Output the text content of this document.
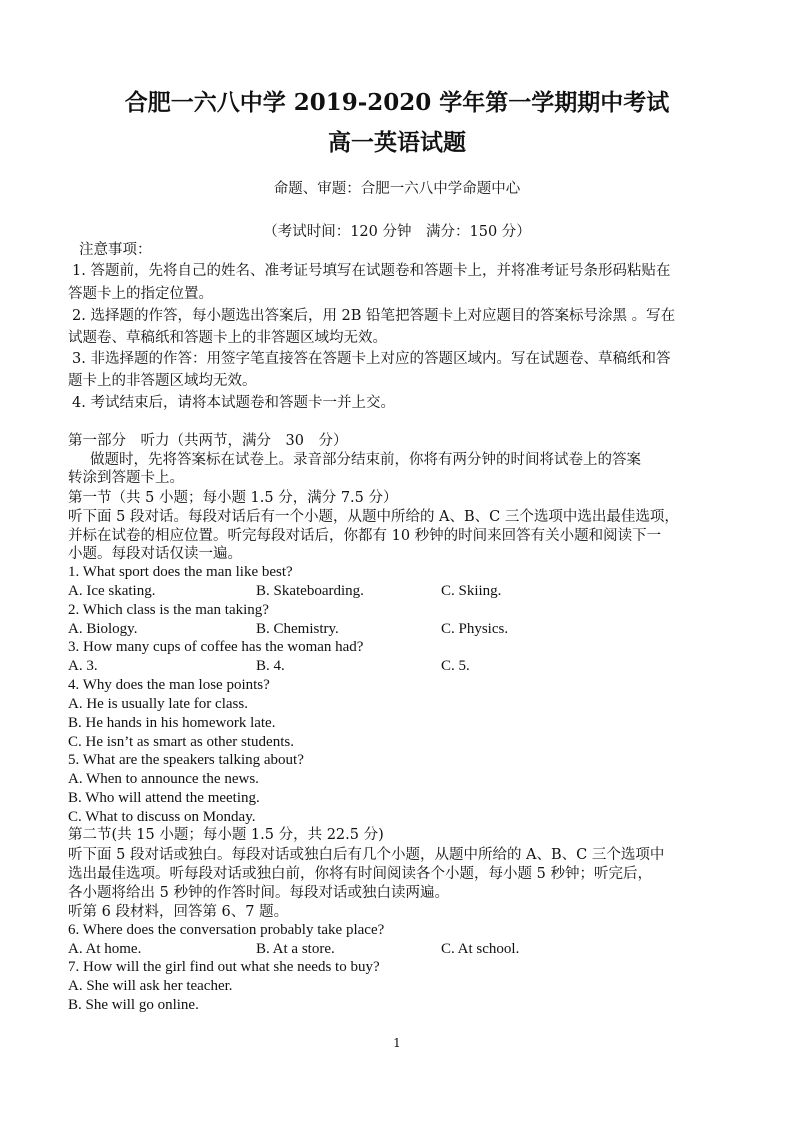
合肥一六八中学 2019-2020 学年第一学期期中考试
高一英语试题
命题、审题：合肥一六八中学命题中心
（考试时间：120 分钟　满分：150 分）
注意事项：
1. 答题前，先将自己的姓名、准考证号填写在试题卷和答题卡上，并将准考证号条形码粘贴在
答题卡上的指定位置。
2. 选择题的作答，每小题选出答案后，用 2B 铅笔把答题卡上对应题目的答案标号涂黑 。写在
试题卷、草稿纸和答题卡上的非答题区域均无效。
3. 非选择题的作答：用签字笔直接答在答题卡上对应的答题区域内。写在试题卷、草稿纸和答
题卡上的非答题区域均无效。
4. 考试结束后，请将本试题卷和答题卡一并上交。
第一部分　听力（共两节，满分　30　分）
做题时，先将答案标在试卷上。录音部分结束前，你将有两分钟的时间将试卷上的答案
转涂到答题卡上。
第一节（共 5 小题；每小题 1.5 分，满分 7.5 分）
听下面 5 段对话。每段对话后有一个小题，从题中所给的 A、B、C 三个选项中选出最佳选项，
并标在试卷的相应位置。听完每段对话后，你都有 10 秒钟的时间来回答有关小题和阅读下一
小题。每段对话仅读一遍。
1. What sport does the man like best?
A. Ice skating.	B. Skateboarding.	C. Skiing.
2. Which class is the man taking?
A. Biology.	B. Chemistry.	C. Physics.
3. How many cups of coffee has the woman had?
A. 3.	B. 4.	C. 5.
4. Why does the man lose points?
A. He is usually late for class.
B. He hands in his homework late.
C. He isn’t as smart as other students.
5. What are the speakers talking about?
A. When to announce the news.
B. Who will attend the meeting.
C. What to discuss on Monday.
第二节(共 15 小题；每小题 1.5 分，共 22.5 分)
听下面 5 段对话或独白。每段对话或独白后有几个小题，从题中所给的 A、B、C 三个选项中
选出最佳选项。听每段对话或独白前，你将有时间阅读各个小题，每小题 5 秒钟；听完后，
各小题将给出 5 秒钟的作答时间。每段对话或独白读两遍。
听第 6 段材料，回答第 6、7 题。
6. Where does the conversation probably take place?
A. At home.	B. At a store.	C. At school.
7. How will the girl find out what she needs to buy?
A. She will ask her teacher.
B. She will go online.
1
